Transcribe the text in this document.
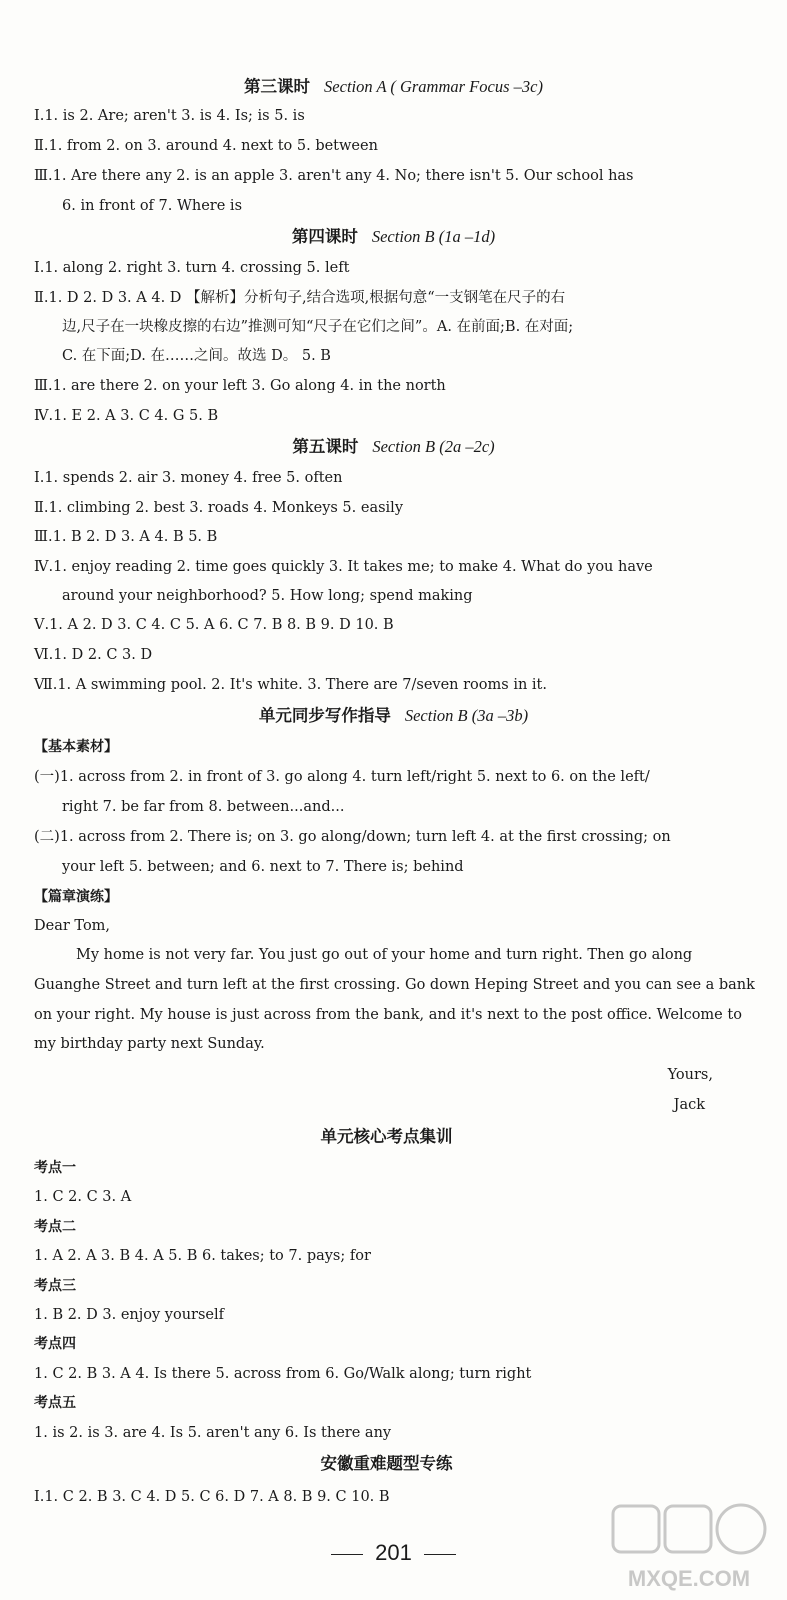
第三课时 Section A ( Grammar Focus –3c)
Ⅰ.1. is 2. Are; aren't 3. is 4. Is; is 5. is
Ⅱ.1. from 2. on 3. around 4. next to 5. between
Ⅲ.1. Are there any 2. is an apple 3. aren't any 4. No; there isn't 5. Our school has
6. in front of 7. Where is
第四课时 Section B (1a –1d)
Ⅰ.1. along 2. right 3. turn 4. crossing 5. left
Ⅱ.1. D 2. D 3. A 4. D 【解析】分析句子,结合选项,根据句意“一支钢笔在尺子的右
边,尺子在一块橡皮擦的右边”推测可知“尺子在它们之间”。A. 在前面;B. 在对面;
C. 在下面;D. 在……之间。故选 D。 5. B
Ⅲ.1. are there 2. on your left 3. Go along 4. in the north
Ⅳ.1. E 2. A 3. C 4. G 5. B
第五课时 Section B (2a –2c)
Ⅰ.1. spends 2. air 3. money 4. free 5. often
Ⅱ.1. climbing 2. best 3. roads 4. Monkeys 5. easily
Ⅲ.1. B 2. D 3. A 4. B 5. B
Ⅳ.1. enjoy reading 2. time goes quickly 3. It takes me; to make 4. What do you have
around your neighborhood? 5. How long; spend making
Ⅴ.1. A 2. D 3. C 4. C 5. A 6. C 7. B 8. B 9. D 10. B
Ⅵ.1. D 2. C 3. D
Ⅶ.1. A swimming pool. 2. It's white. 3. There are 7/seven rooms in it.
单元同步写作指导 Section B (3a –3b)
【基本素材】
(一)1. across from 2. in front of 3. go along 4. turn left/right 5. next to 6. on the left/
right 7. be far from 8. between...and...
(二)1. across from 2. There is; on 3. go along/down; turn left 4. at the first crossing; on
your left 5. between; and 6. next to 7. There is; behind
【篇章演练】
Dear Tom,
My home is not very far. You just go out of your home and turn right. Then go along
Guanghe Street and turn left at the first crossing. Go down Heping Street and you can see a bank
on your right. My house is just across from the bank, and it's next to the post office. Welcome to
my birthday party next Sunday.
Yours,
Jack
单元核心考点集训
考点一
1. C 2. C 3. A
考点二
1. A 2. A 3. B 4. A 5. B 6. takes; to 7. pays; for
考点三
1. B 2. D 3. enjoy yourself
考点四
1. C 2. B 3. A 4. Is there 5. across from 6. Go/Walk along; turn right
考点五
1. is 2. is 3. are 4. Is 5. aren't any 6. Is there any
安徽重难题型专练
Ⅰ.1. C 2. B 3. C 4. D 5. C 6. D 7. A 8. B 9. C 10. B
201
MXQE.COM
